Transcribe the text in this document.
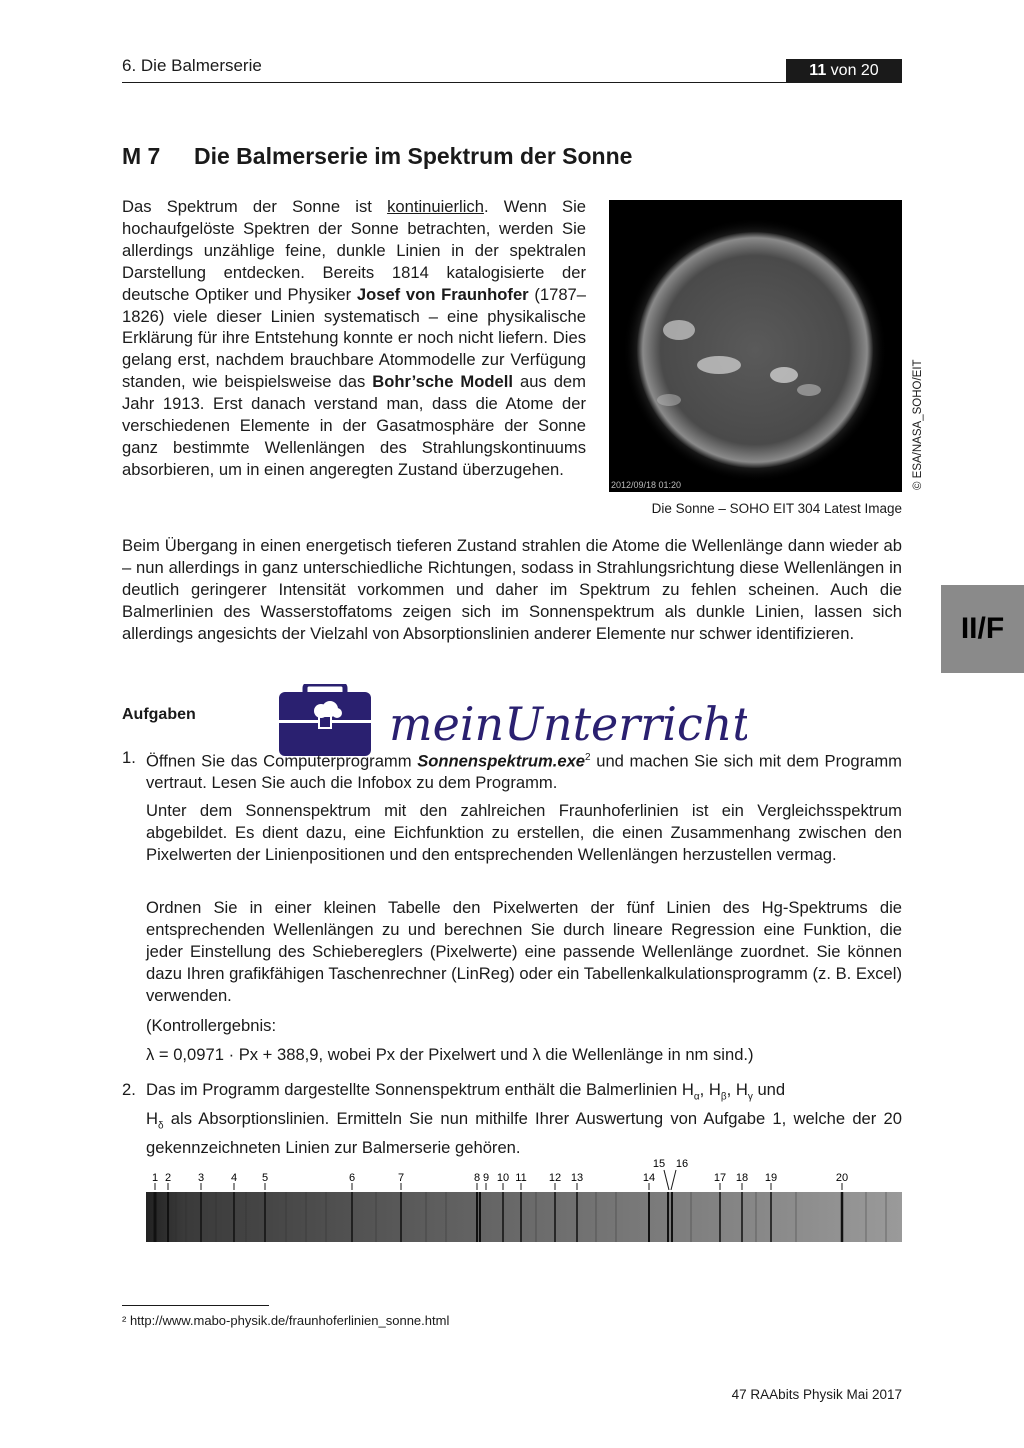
6. Die Balmerserie	11 von 20
M 7 Die Balmerserie im Spektrum der Sonne
Das Spektrum der Sonne ist kontinuierlich. Wenn Sie hochaufgelöste Spektren der Sonne betrachten, werden Sie allerdings unzählige feine, dunkle Linien in der spektralen Darstellung entdecken. Bereits 1814 katalogisierte der deutsche Optiker und Physiker Josef von Fraunhofer (1787–1826) viele dieser Linien systematisch – eine physikalische Erklärung für ihre Entstehung konnte er noch nicht liefern. Dies gelang erst, nachdem brauchbare Atommodelle zur Verfügung standen, wie beispielsweise das Bohr’sche Modell aus dem Jahr 1913. Erst danach verstand man, dass die Atome der verschiedenen Elemente in der Gasatmosphäre der Sonne ganz bestimmte Wellenlängen des Strahlungskontinuums absorbieren, um in einen angeregten Zustand überzugehen.
2012/09/18 01:20
Die Sonne – SOHO EIT 304 Latest Image
© ESA/NASA_SOHO/EIT
Beim Übergang in einen energetisch tieferen Zustand strahlen die Atome die Wellenlänge dann wieder ab – nun allerdings in ganz unterschiedliche Richtungen, sodass in Strahlungsrichtung diese Wellenlängen in deutlich geringerer Intensität vorkommen und daher im Spektrum zu fehlen scheinen. Auch die Balmerlinien des Wasserstoffatoms zeigen sich im Sonnenspektrum als dunkle Linien, lassen sich allerdings angesichts der Vielzahl von Absorptionslinien anderer Elemente nur schwer identifizieren.	II/F
meinUnterricht
Aufgaben
1. Öffnen Sie das Computerprogramm Sonnenspektrum.exe$^2$ und machen Sie sich mit dem Programm vertraut. Lesen Sie auch die Infobox zu dem Programm.
Unter dem Sonnenspektrum mit den zahlreichen Fraunhoferlinien ist ein Vergleichsspektrum abgebildet. Es dient dazu, eine Eichfunktion zu erstellen, die einen Zusammenhang zwischen den Pixelwerten der Linienpositionen und den entsprechenden Wellenlängen herzustellen vermag.
Ordnen Sie in einer kleinen Tabelle den Pixelwerten der fünf Linien des Hg-Spektrums die entsprechenden Wellenlängen zu und berechnen Sie durch lineare Regression eine Funktion, die jeder Einstellung des Schiebereglers (Pixelwerte) eine passende Wellenlänge zuordnet. Sie können dazu Ihren grafikfähigen Taschenrechner (LinReg) oder ein Tabellenkalkulationsprogramm (z. B. Excel) verwenden.
(Kontrollergebnis:
λ = 0,0971 · Px + 388,9, wobei Px der Pixelwert und λ die Wellenlänge in nm sind.)
2. Das im Programm dargestellte Sonnenspektrum enthält die Balmerlinien $H_\alpha$, $H_\beta$, $H_\gamma$ und
$H_\delta$ als Absorptionslinien. Ermitteln Sie nun mithilfe Ihrer Auswertung von Aufgabe 1, welche der 20 gekennzeichneten Linien zur Balmerserie gehören.
1 2 3 4 5	6	7	8 9 10 11 12 13	14
15 16
17 18 19	20
² http://www.mabo-physik.de/fraunhoferlinien_sonne.html
47 RAAbits Physik Mai 2017
